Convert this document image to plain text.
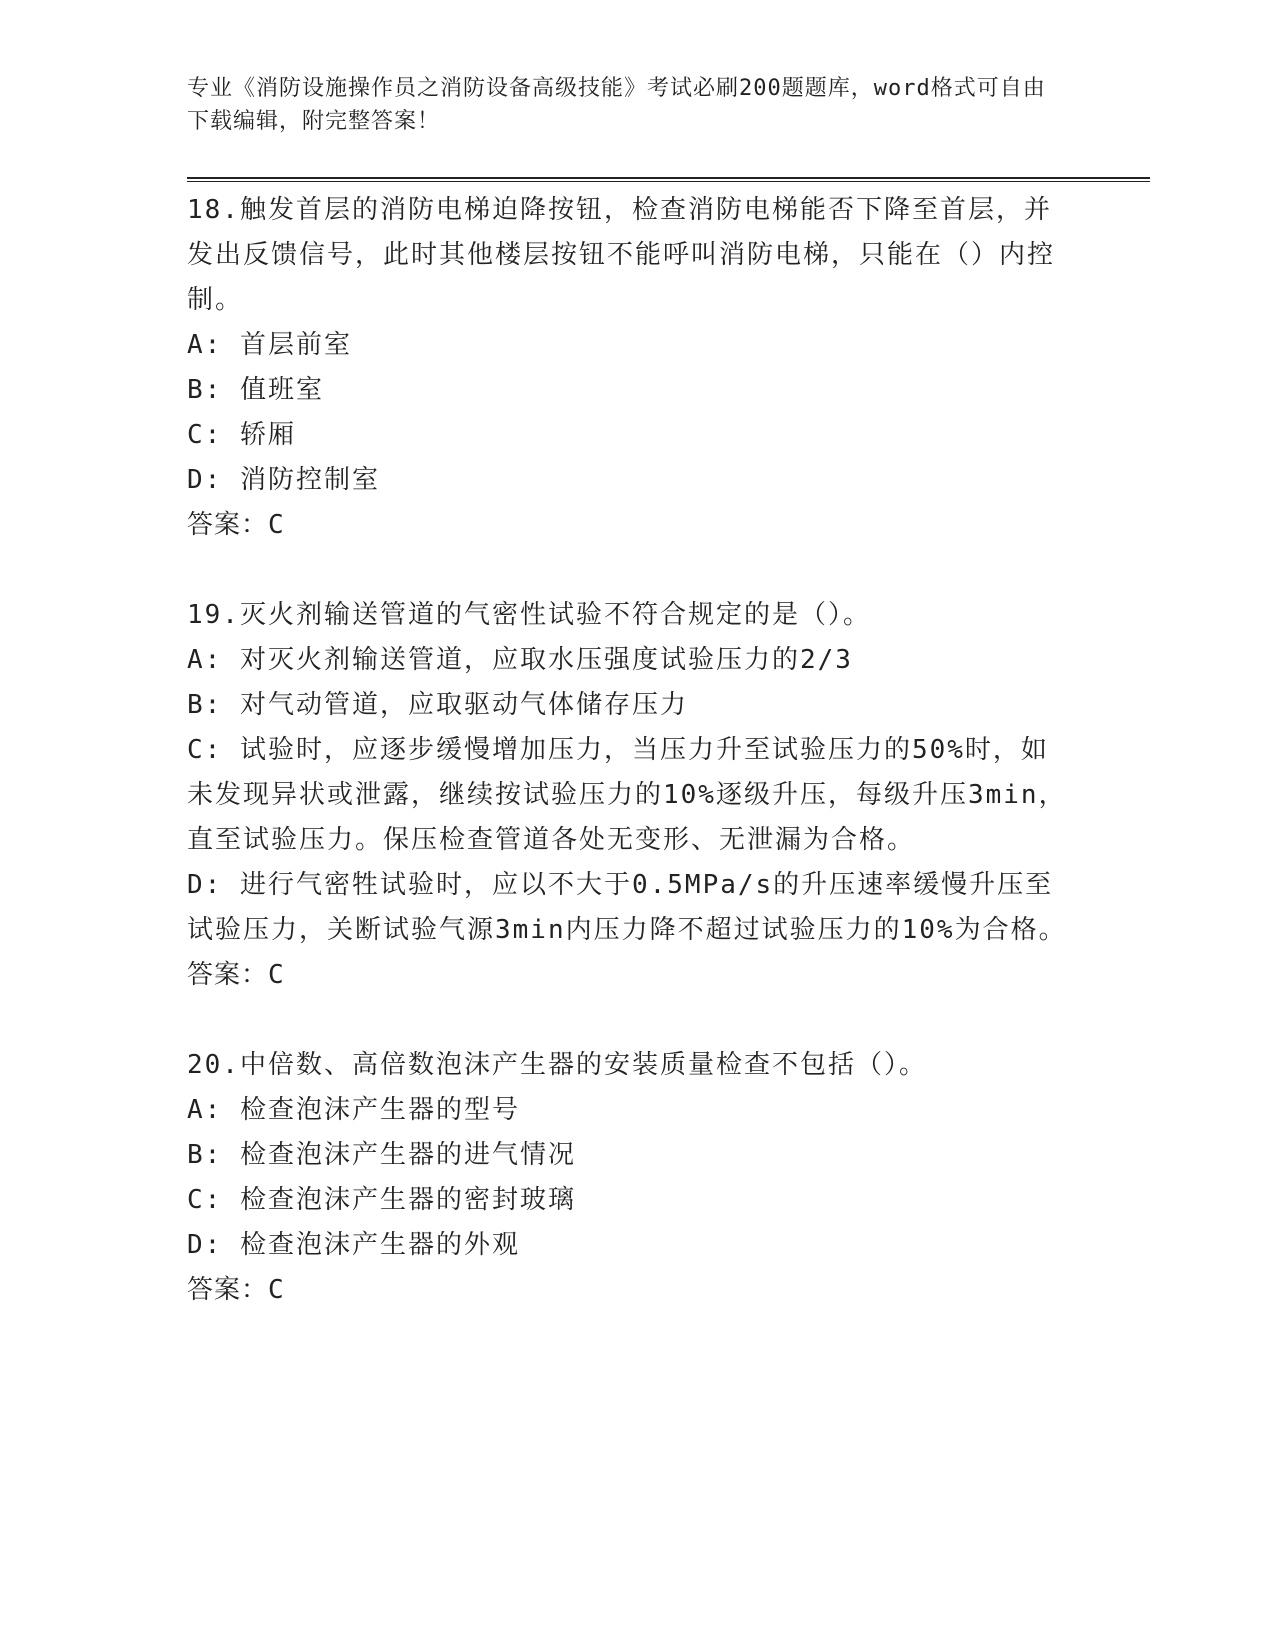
专业《消防设施操作员之消防设备高级技能》考试必刷200题题库，word格式可自由下载编辑，附完整答案！

18.触发首层的消防电梯迫降按钮，检查消防电梯能否下降至首层，并发出反馈信号，此时其他楼层按钮不能呼叫消防电梯，只能在（）内控制。

A: 首层前室

B: 值班室

C: 轿厢

D: 消防控制室

答案：C

19.灭火剂输送管道的气密性试验不符合规定的是（）。

A: 对灭火剂输送管道，应取水压强度试验压力的2/3

B: 对气动管道，应取驱动气体储存压力

C: 试验时，应逐步缓慢增加压力，当压力升至试验压力的50%时，如未发现异状或泄露，继续按试验压力的10%逐级升压，每级升压3min，直至试验压力。保压检查管道各处无变形、无泄漏为合格。

D: 进行气密牲试验时，应以不大于0.5MPa/s的升压速率缓慢升压至试验压力，关断试验气源3min内压力降不超过试验压力的10%为合格。

答案：C

20.中倍数、高倍数泡沫产生器的安装质量检查不包括（）。

A: 检查泡沫产生器的型号

B: 检查泡沫产生器的进气情况

C: 检查泡沫产生器的密封玻璃

D: 检查泡沫产生器的外观

答案：C
